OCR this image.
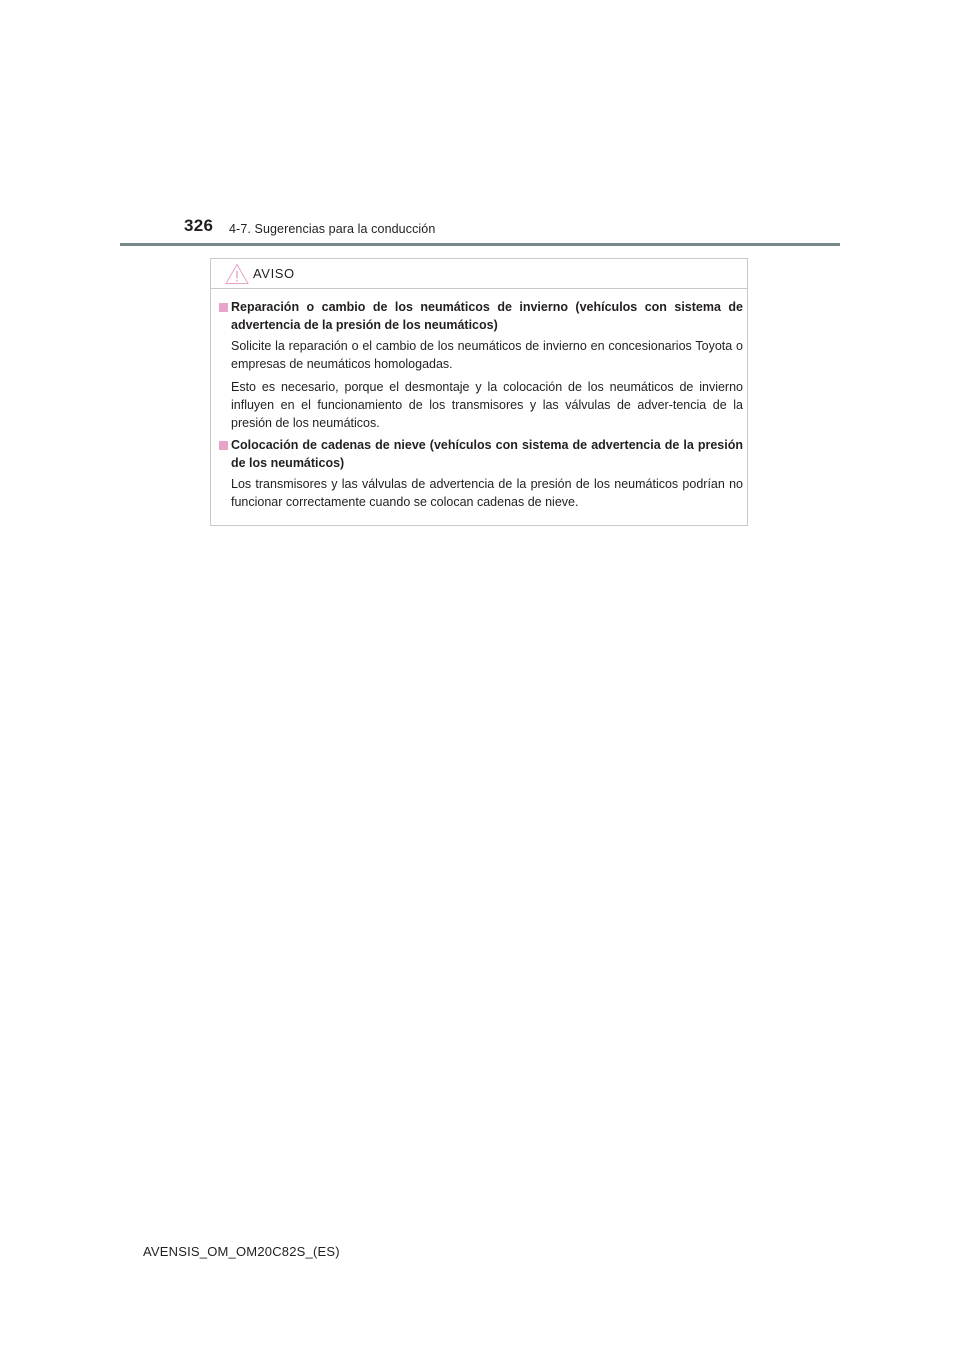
326 4-7. Sugerencias para la conducción
AVISO
Reparación o cambio de los neumáticos de invierno (vehículos con sistema de advertencia de la presión de los neumáticos)
Solicite la reparación o el cambio de los neumáticos de invierno en concesionarios Toyota o empresas de neumáticos homologadas.
Esto es necesario, porque el desmontaje y la colocación de los neumáticos de invierno influyen en el funcionamiento de los transmisores y las válvulas de adver-tencia de la presión de los neumáticos.
Colocación de cadenas de nieve (vehículos con sistema de advertencia de la presión de los neumáticos)
Los transmisores y las válvulas de advertencia de la presión de los neumáticos podrían no funcionar correctamente cuando se colocan cadenas de nieve.
AVENSIS_OM_OM20C82S_(ES)
